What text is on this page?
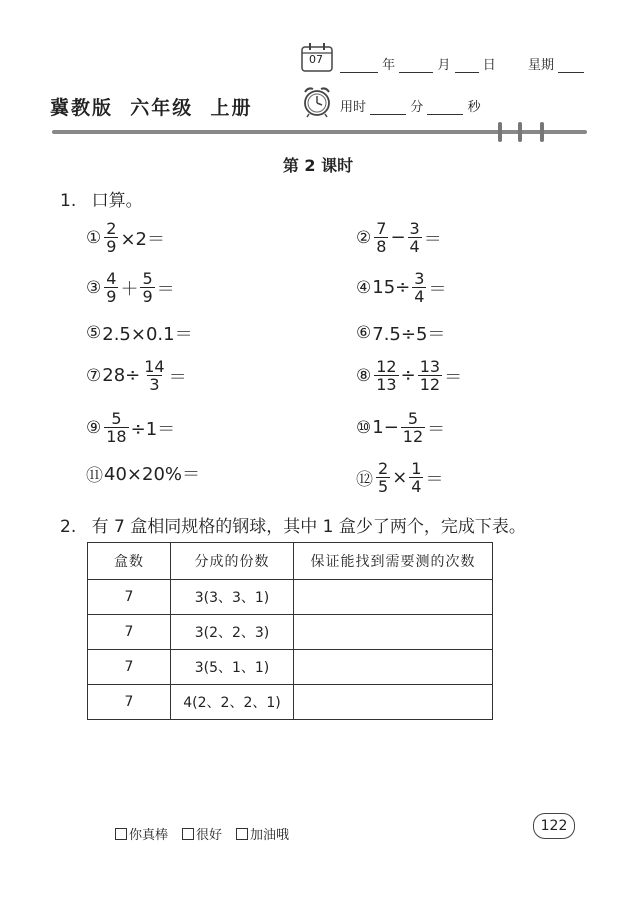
07	年	月 日 星期
冀教版  六年级  上册	用时	分	秒
第 2 课时
1. 口算。
① $\frac{2}{9} \times 2=$	② $\frac{7}{8} - \frac{3}{4}$ ＝
③ $\frac{4}{9} + \frac{5}{9}$ ＝	④ $15\div \frac{3}{4}$ ＝
⑤ 2.5×0.1＝	⑥ 7.5÷5＝
⑦ $28\div \frac{14}{3}$ ＝	⑧ $\frac{12}{13} \div \frac{13}{12}$ ＝
⑨ $\frac{5}{18} \div 1=$	⑩ $1- \frac{5}{12}$ ＝
⑪ 40×20%＝	⑫ $\frac{2}{5} \times \frac{1}{4}$ ＝
2. 有 7 盒相同规格的钢球，其中 1 盒少了两个，完成下表。
盒数	分成的份数	保证能找到需要测的次数
7	3(3、3、1)	
7	3(2、2、3)	
7	3(5、1、1)	
7	4(2、2、2、1)	
你真棒	很好	加油哦
122
